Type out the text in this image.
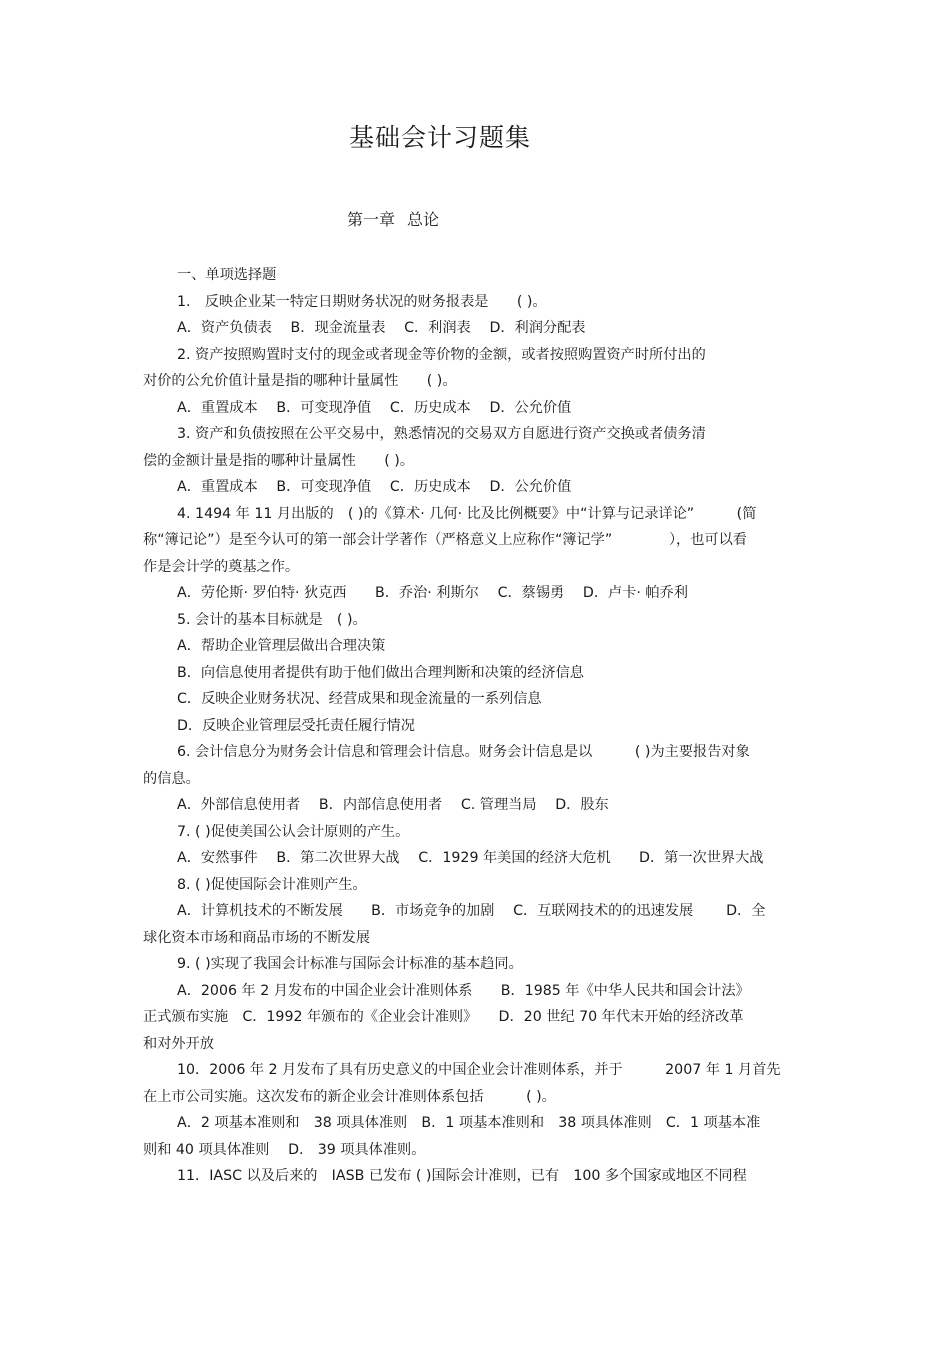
基础会计习题集
第一章 总论
一、单项选择题
1.　反映企业某一特定日期财务状况的财务报表是　　( )。
A．资产负债表　 B．现金流量表　 C．利润表　 D．利润分配表
2. 资产按照购置时支付的现金或者现金等价物的金额，或者按照购置资产时所付出的
对价的公允价值计量是指的哪种计量属性　　( )。
A．重置成本　 B．可变现净值　 C．历史成本　 D．公允价值
3. 资产和负债按照在公平交易中，熟悉情况的交易双方自愿进行资产交换或者债务清
偿的金额计量是指的哪种计量属性　　( )。
A．重置成本　 B．可变现净值　 C．历史成本　 D．公允价值
4. 1494 年 11 月出版的　( )的《算术· 几何· 比及比例概要》中“计算与记录详论”　　　(简
称“簿记论”）是至今认可的第一部会计学著作（严格意义上应称作“簿记学”　　　　），也可以看
作是会计学的奠基之作。
A．劳伦斯· 罗伯特· 狄克西　　B．乔治· 利斯尔　 C．蔡锡勇　 D．卢卡· 帕乔利
5. 会计的基本目标就是　( )。
A．帮助企业管理层做出合理决策
B．向信息使用者提供有助于他们做出合理判断和决策的经济信息
C．反映企业财务状况、经营成果和现金流量的一系列信息
D．反映企业管理层受托责任履行情况
6. 会计信息分为财务会计信息和管理会计信息。财务会计信息是以　　　( )为主要报告对象
的信息。
A．外部信息使用者　 B．内部信息使用者　 C. 管理当局　 D．股东
7. ( )促使美国公认会计原则的产生。
A．安然事件　 B．第二次世界大战　 C．1929 年美国的经济大危机　　D．第一次世界大战
8. ( )促使国际会计准则产生。
A．计算机技术的不断发展　　B．市场竞争的加剧　 C．互联网技术的的迅速发展　　 D．全
球化资本市场和商品市场的不断发展
9. ( )实现了我国会计标准与国际会计标准的基本趋同。
A．2006 年 2 月发布的中国企业会计准则体系　　B．1985 年《中华人民共和国会计法》
正式颁布实施　C．1992 年颁布的《企业会计准则》　　D．20 世纪 70 年代末开始的经济改革
和对外开放
10．2006 年 2 月发布了具有历史意义的中国企业会计准则体系，并于　　　2007 年 1 月首先
在上市公司实施。这次发布的新企业会计准则体系包括　　　( )。
A．2 项基本准则和　38 项具体准则　B．1 项基本准则和　38 项具体准则　C．1 项基本准
则和 40 项具体准则　 D.　39 项具体准则。
11．IASC 以及后来的　IASB 已发布 ( )国际会计准则，已有　100 多个国家或地区不同程
